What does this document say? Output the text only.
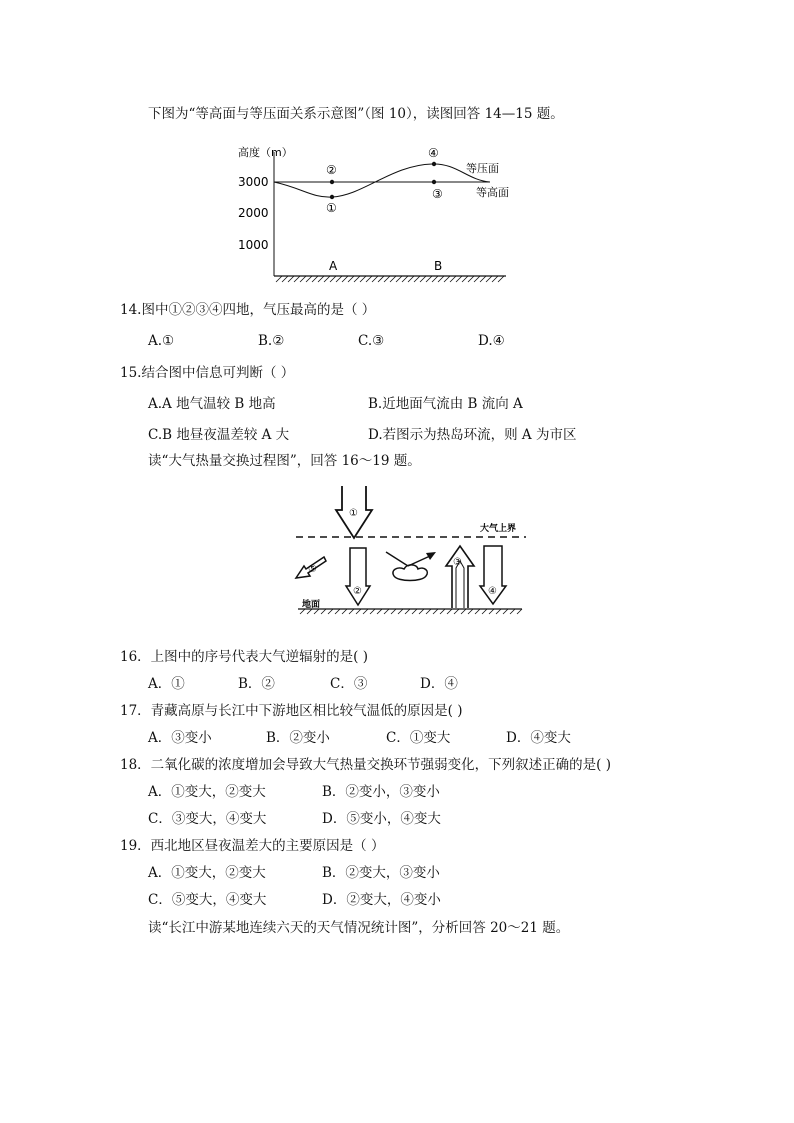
下图为“等高面与等压面关系示意图”（图 10），读图回答 14—15 题。
高度（m）
3000
2000
1000
②
①
④
③
等压面
等高面
A	B
14.图中①②③④四地，气压最高的是（ ）
A.①	B.②	C.③	D.④
15.结合图中信息可判断（ ）
A.A 地气温较 B 地高	B.近地面气流由 B 流向 A
C.B 地昼夜温差较 A 大	D.若图示为热岛环流，则 A 为市区
读“大气热量交换过程图”，回答 16～19 题。
大气上界
地面
①
⑤
②
③
④
16．上图中的序号代表大气逆辐射的是( )
A．①	B．②	C．③	D．④
17．青藏高原与长江中下游地区相比较气温低的原因是( )
A．③变小	B．②变小	C．①变大	D．④变大
18．二氧化碳的浓度增加会导致大气热量交换环节强弱变化，下列叙述正确的是( )
A．①变大，②变大	B．②变小，③变小
C．③变大，④变大	D．⑤变小，④变大
19．西北地区昼夜温差大的主要原因是（ ）
A．①变大，②变大	B．②变大，③变小
C．⑤变大，④变大	D．②变大，④变小
读“长江中游某地连续六天的天气情况统计图”，分析回答 20～21 题。
